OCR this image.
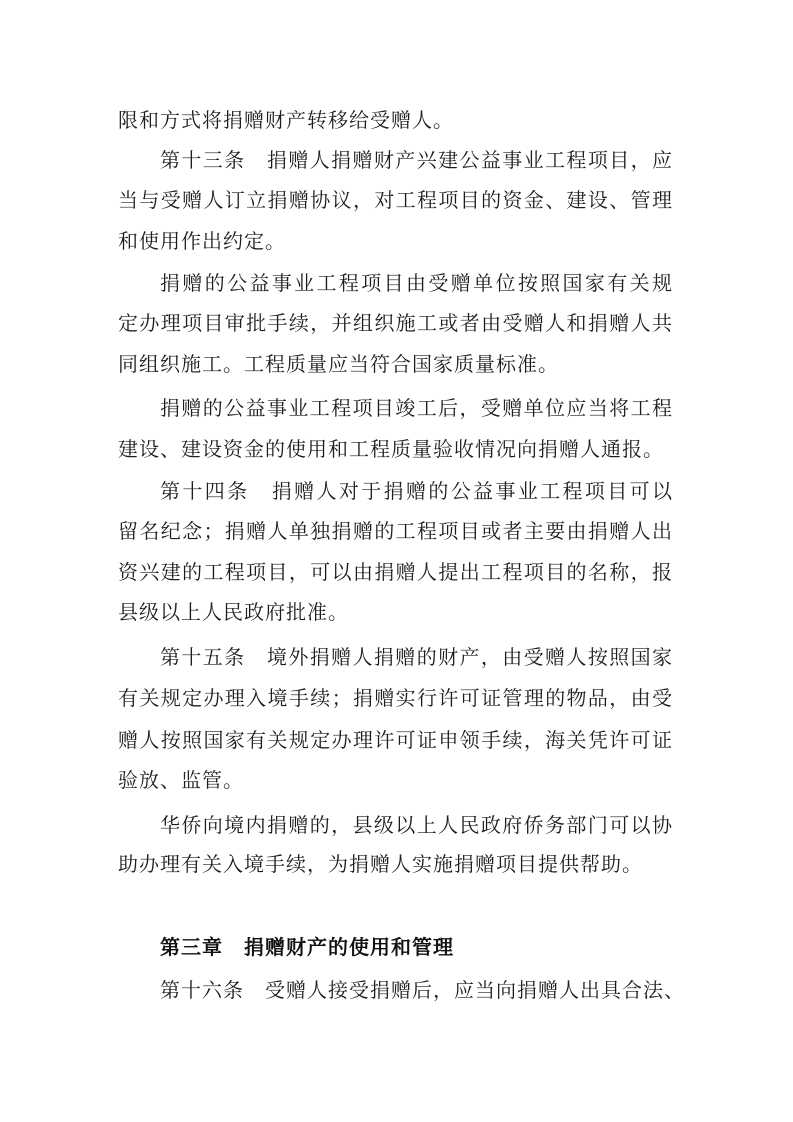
限和方式将捐赠财产转移给受赠人。
第十三条　捐赠人捐赠财产兴建公益事业工程项目，应
当与受赠人订立捐赠协议，对工程项目的资金、建设、管理
和使用作出约定。
捐赠的公益事业工程项目由受赠单位按照国家有关规
定办理项目审批手续，并组织施工或者由受赠人和捐赠人共
同组织施工。工程质量应当符合国家质量标准。
捐赠的公益事业工程项目竣工后，受赠单位应当将工程
建设、建设资金的使用和工程质量验收情况向捐赠人通报。
第十四条　捐赠人对于捐赠的公益事业工程项目可以
留名纪念；捐赠人单独捐赠的工程项目或者主要由捐赠人出
资兴建的工程项目，可以由捐赠人提出工程项目的名称，报
县级以上人民政府批准。
第十五条　境外捐赠人捐赠的财产，由受赠人按照国家
有关规定办理入境手续；捐赠实行许可证管理的物品，由受
赠人按照国家有关规定办理许可证申领手续，海关凭许可证
验放、监管。
华侨向境内捐赠的，县级以上人民政府侨务部门可以协
助办理有关入境手续，为捐赠人实施捐赠项目提供帮助。
第三章　捐赠财产的使用和管理
第十六条　受赠人接受捐赠后，应当向捐赠人出具合法、
